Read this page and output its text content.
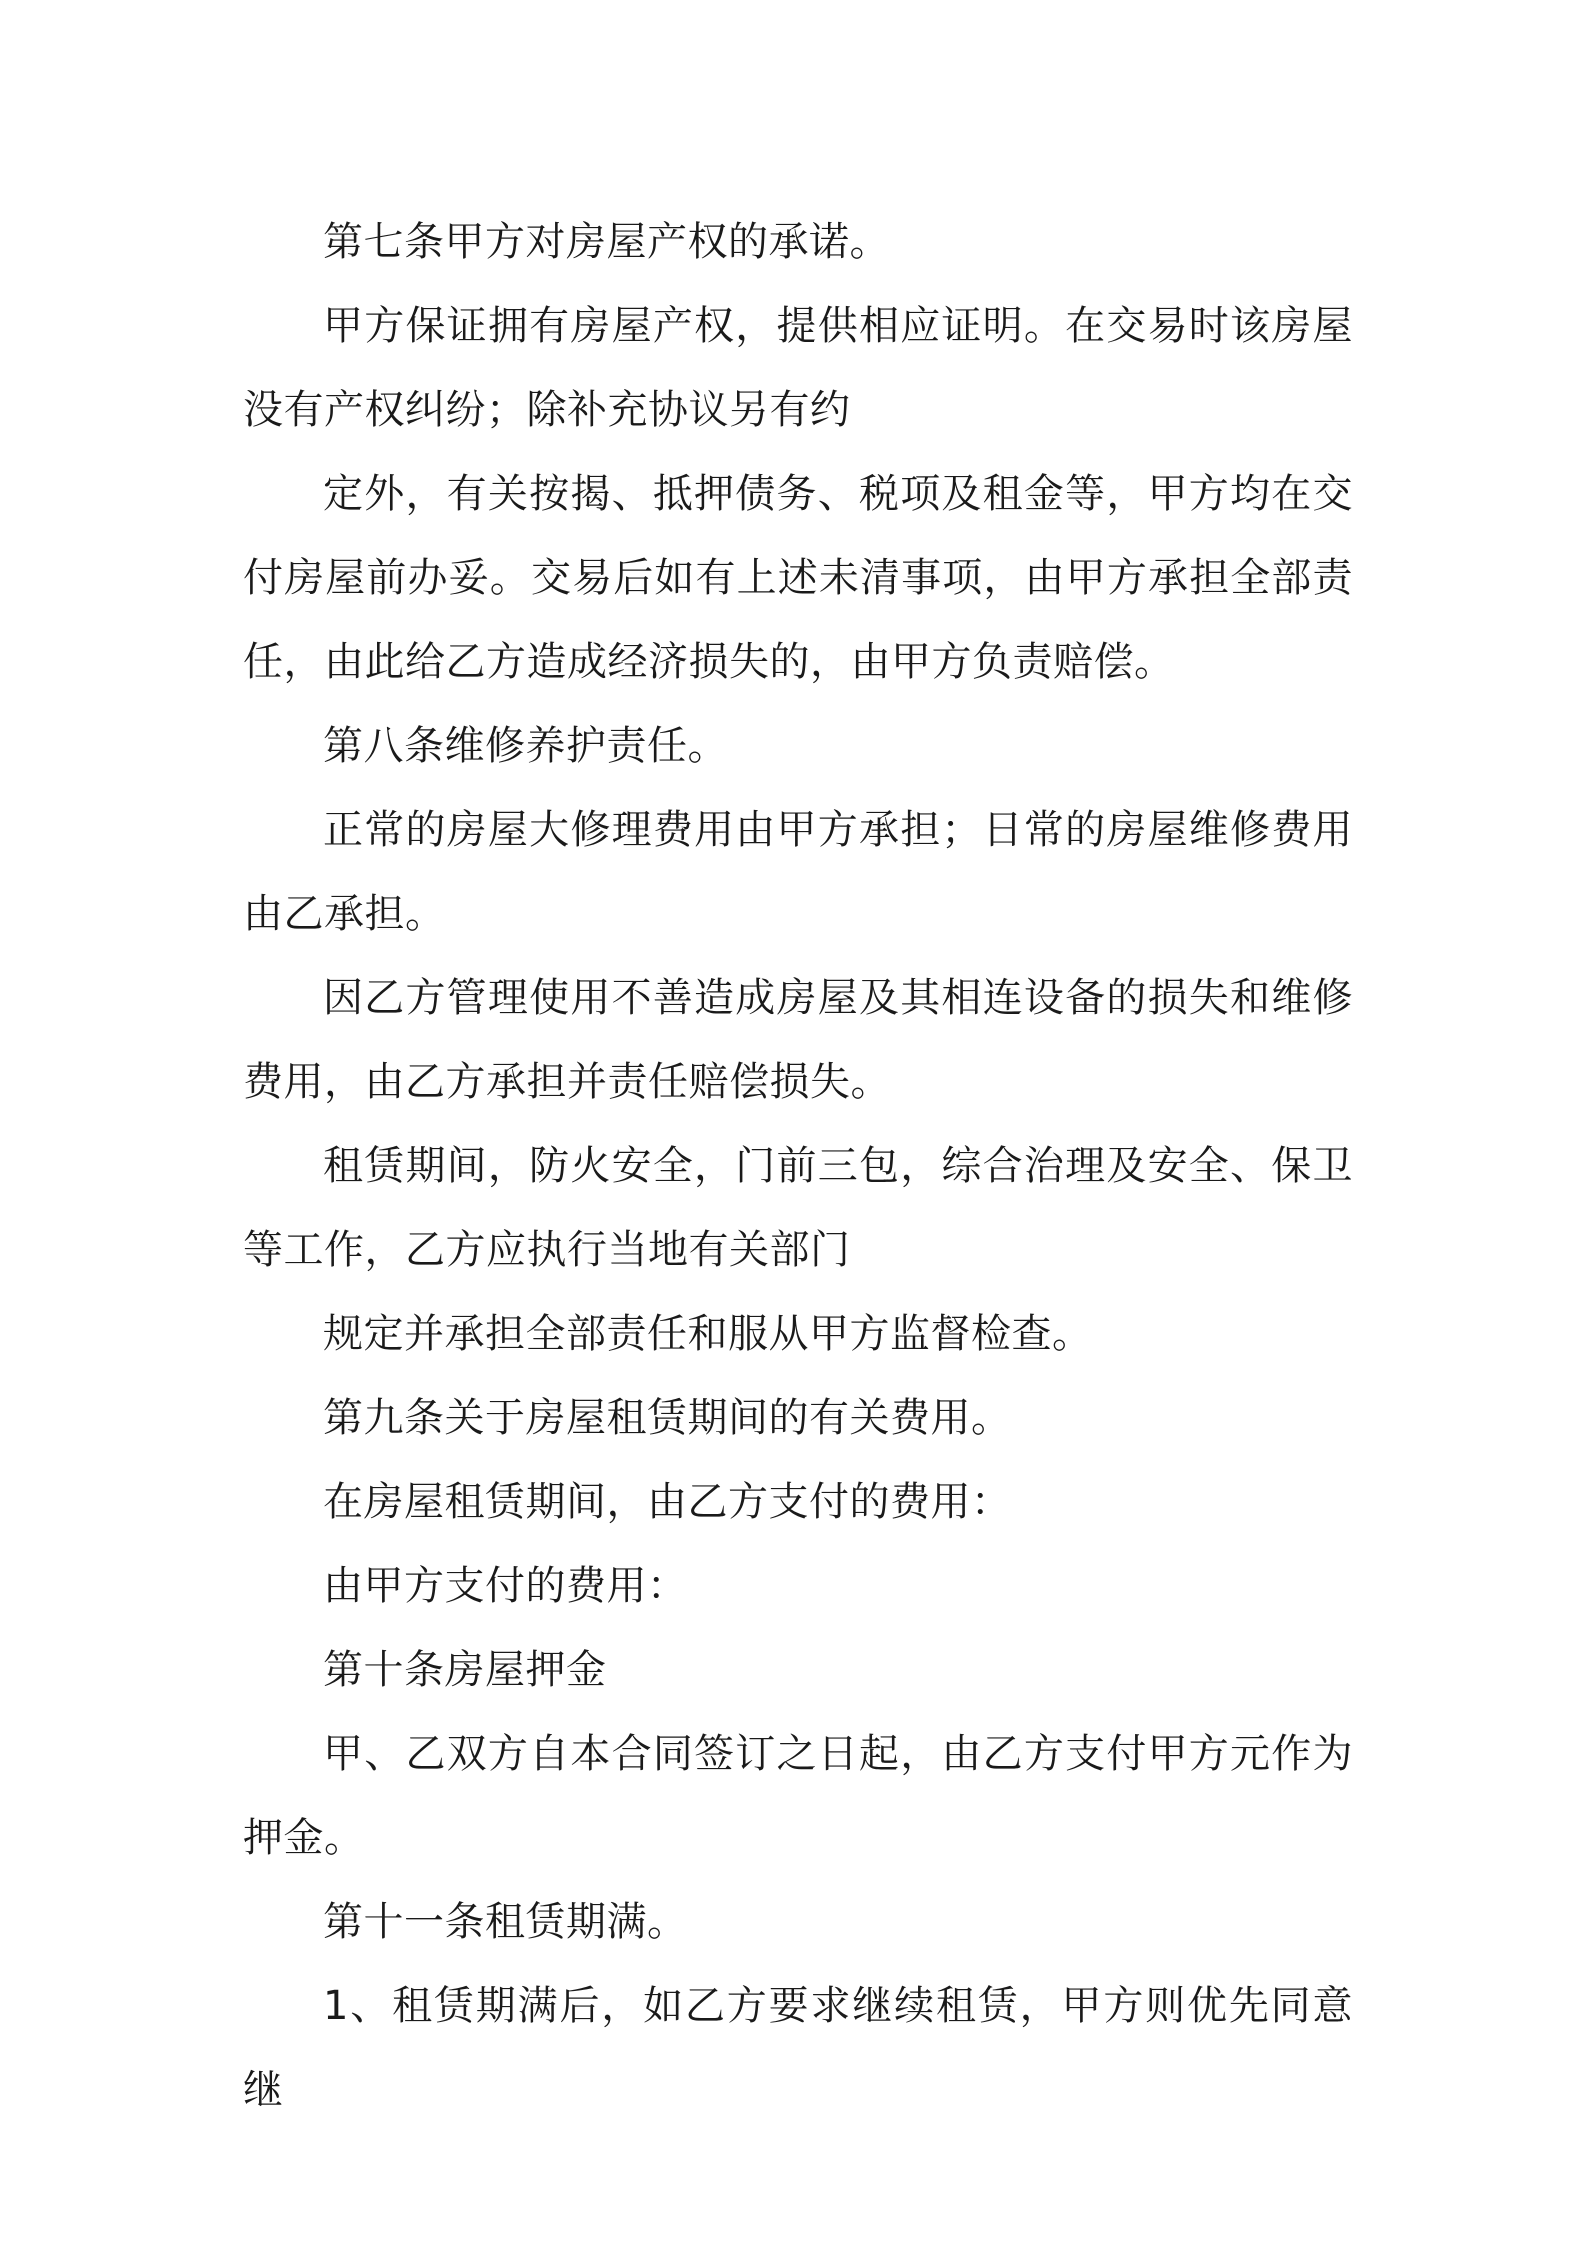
第七条甲方对房屋产权的承诺。

甲方保证拥有房屋产权，提供相应证明。在交易时该房屋没有产权纠纷；除补充协议另有约

定外，有关按揭、抵押债务、税项及租金等，甲方均在交付房屋前办妥。交易后如有上述未清事项，由甲方承担全部责任，由此给乙方造成经济损失的，由甲方负责赔偿。

第八条维修养护责任。

正常的房屋大修理费用由甲方承担；日常的房屋维修费用由乙承担。

因乙方管理使用不善造成房屋及其相连设备的损失和维修费用，由乙方承担并责任赔偿损失。

租赁期间，防火安全，门前三包，综合治理及安全、保卫等工作，乙方应执行当地有关部门

规定并承担全部责任和服从甲方监督检查。

第九条关于房屋租赁期间的有关费用。

在房屋租赁期间，由乙方支付的费用：

由甲方支付的费用：

第十条房屋押金

甲、乙双方自本合同签订之日起，由乙方支付甲方元作为押金。

第十一条租赁期满。

1、租赁期满后，如乙方要求继续租赁，甲方则优先同意继
